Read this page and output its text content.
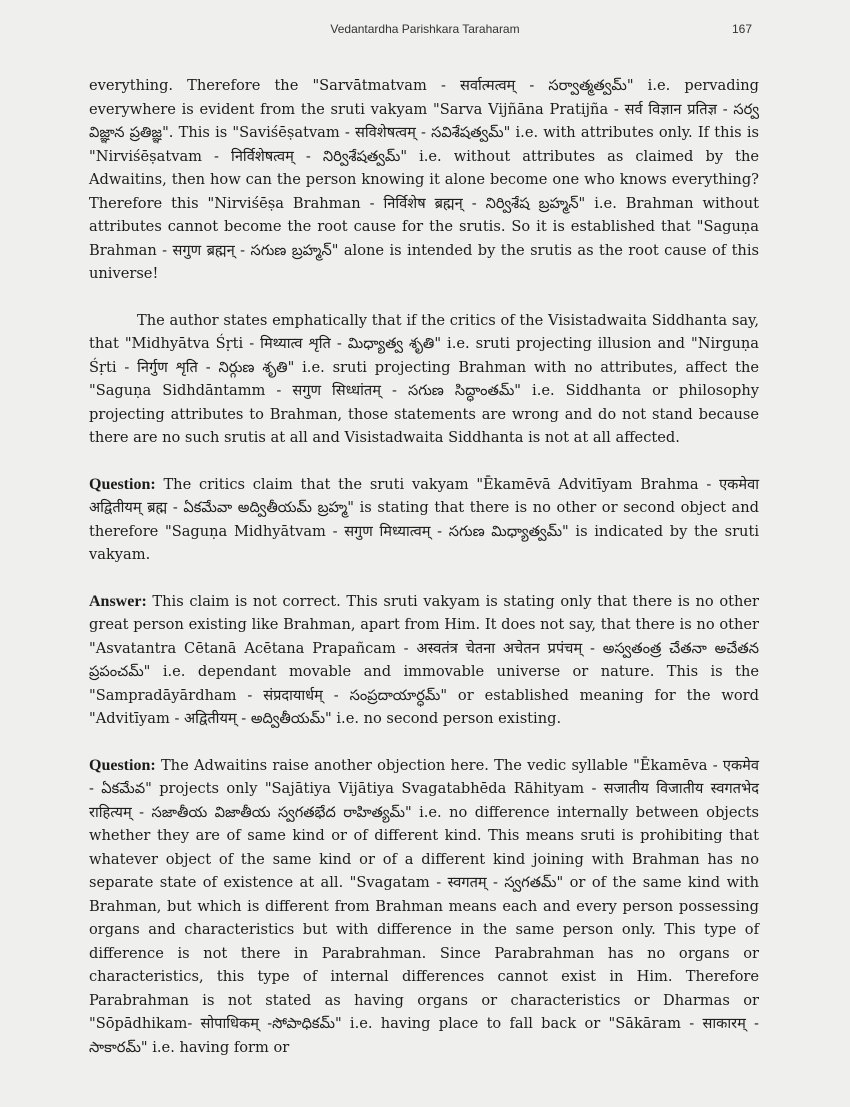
Vedantardha Parishkara Taraharam	167

everything. Therefore the "Sarvātmatvam - सर्वात्मत्वम् - సర్వాత్మత్వమ్" i.e. pervading everywhere is evident from the sruti vakyam "Sarva Vijñāna Pratijña - सर्व विज्ञान प्रतिज्ञ - సర్వ విజ్ఞాన ప్రతిజ్ఞ". This is "Saviśēṣatvam - सविशेषत्वम् - సవిశేషత్వమ్" i.e. with attributes only. If this is "Nirviśēṣatvam - निर्विशेषत्वम् - నిర్విశేషత్వమ్" i.e. without attributes as claimed by the Adwaitins, then how can the person knowing it alone become one who knows everything? Therefore this "Nirviśēṣa Brahman - निर्विशेष ब्रह्मन् - నిర్విశేష బ్రహ్మన్" i.e. Brahman without attributes cannot become the root cause for the srutis. So it is established that "Saguṇa Brahman - सगुण ब्रह्मन् - సగుణ బ్రహ్మన్" alone is intended by the srutis as the root cause of this universe!

The author states emphatically that if the critics of the Visistadwaita Siddhanta say, that "Midhyātva Śṛti - मिथ्यात्व शृति - మిధ్యాత్వ శృతి" i.e. sruti projecting illusion and "Nirguṇa Śṛti - निर्गुण शृति - నిర్గుణ శృతి" i.e. sruti projecting Brahman with no attributes, affect the "Saguṇa Sidhdāntamm - सगुण सिध्धांतम् - సగుణ సిద్ధాంతమ్" i.e. Siddhanta or philosophy projecting attributes to Brahman, those statements are wrong and do not stand because there are no such srutis at all and Visistadwaita Siddhanta is not at all affected.

Question: The critics claim that the sruti vakyam "Ēkamēvā Advitīyam Brahma - एकमेवा अद्वितीयम् ब्रह्म - ఏకమేవా అద్వితీయమ్ బ్రహ్మ" is stating that there is no other or second object and therefore "Saguṇa Midhyātvam - सगुण मिध्यात्वम् - సగుణ మిధ్యాత్వమ్" is indicated by the sruti vakyam.

Answer: This claim is not correct. This sruti vakyam is stating only that there is no other great person existing like Brahman, apart from Him. It does not say, that there is no other "Asvatantra Cētanā Acētana Prapañcam - अस्वतंत्र चेतना अचेतन प्रपंचम् - అస్వతంత్ర చేతనా అచేతన ప్రపంచమ్" i.e. dependant movable and immovable universe or nature. This is the "Sampradāyārdham - संप्रदायार्धम् - సంప్రదాయార్ధమ్" or established meaning for the word "Advitīyam - अद्वितीयम् - అద్వితీయమ్" i.e. no second person existing.

Question: The Adwaitins raise another objection here. The vedic syllable "Ēkamēva - एकमेव - ఏకమేవ" projects only "Sajātiya Vijātiya Svagatabhēda Rāhityam - सजातीय विजातीय स्वगतभेद राहित्यम् - సజాతీయ విజాతీయ స్వగతభేద రాహిత్యమ్" i.e. no difference internally between objects whether they are of same kind or of different kind. This means sruti is prohibiting that whatever object of the same kind or of a different kind joining with Brahman has no separate state of existence at all. "Svagatam - स्वगतम् - స్వగతమ్" or of the same kind with Brahman, but which is different from Brahman means each and every person possessing organs and characteristics but with difference in the same person only. This type of difference is not there in Parabrahman. Since Parabrahman has no organs or characteristics, this type of internal differences cannot exist in Him. Therefore Parabrahman is not stated as having organs or characteristics or Dharmas or "Sōpādhikam- सोपाधिकम् -సోపాధికమ్" i.e. having place to fall back or "Sākāram - साकारम् - సాకారమ్" i.e. having form or
